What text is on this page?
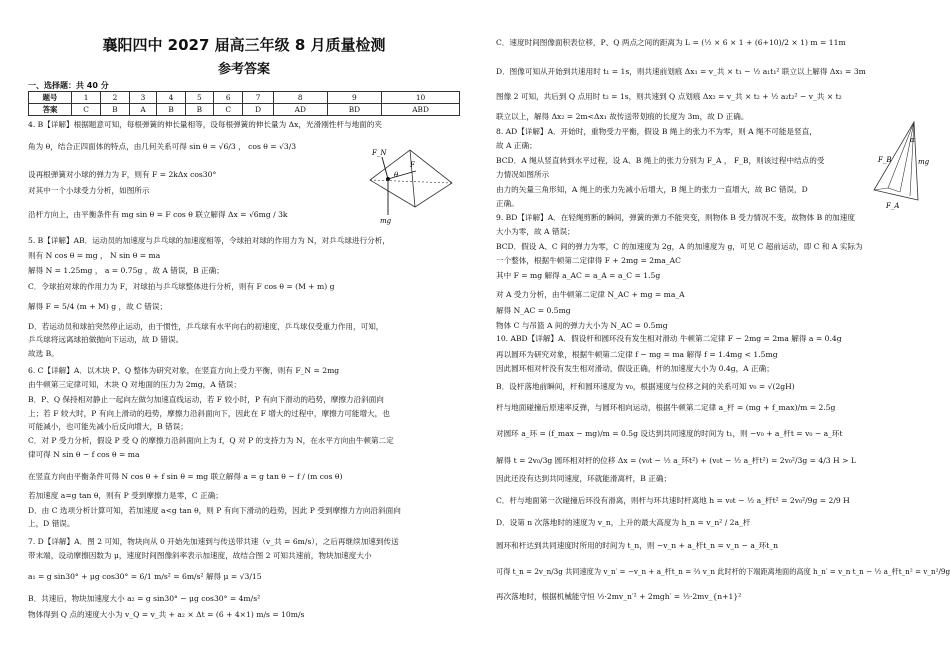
襄阳四中 2027 届高三年级 8 月质量检测
参考答案
一、选择题：共 40 分
题号	1	2	3	4	5	6	7	8	9	10
答案	C	B	A	B	B	C	D	AD	BD	ABD
4. B【详解】根据题意可知，每根弹簧的伸长量相等，设每根弹簧的伸长量为 Δx，光滑刚性杆与地面的夹
角为 θ，结合正四面体的特点，由几何关系可得 sin θ = √6/3 ， cos θ = √3/3
设再根弹簧对小球的弹力为 F，则有 F = 2kΔx cos30°
对其中一个小球受力分析，如图所示
沿杆方向上，由平衡条件有 mg sin θ = F cos θ 联立解得 Δx = √6mg / 3k
5. B【详解】AB．运动员的加速度与乒乓球的加速度相等，令球拍对球的作用力为 N，对乒乓球进行分析，
则有 N cos θ = mg ， N sin θ = ma
解得 N = 1.25mg ， a = 0.75g ，故 A 错误，B 正确；
C．令球拍对球的作用力为 F，对球拍与乒乓球整体进行分析，则有 F cos θ = (M + m) g
解得 F = 5/4 (m + M) g ，故 C 错误；
D．若运动员和球拍突然停止运动，由于惯性，乒乓球有水平向右的初速度，乒乓球仅受重力作用，可知，
乒乓球将远离球拍做抛向下运动，故 D 错误。
故选 B。
6. C【详解】A．以木块 P、Q 整体为研究对象，在竖直方向上受力平衡，则有 F_N = 2mg
由牛顿第三定律可知，木块 Q 对地面的压力为 2mg，A 错误；
B．P、Q 保持相对静止一起向左做匀加速直线运动，若 F 较小时，P 有向下滑动的趋势，摩擦力沿斜面向
上；若 F 较大时，P 有向上滑动的趋势，摩擦力沿斜面向下，因此在 F 增大的过程中，摩擦力可能增大，也
可能减小，也可能先减小后反向增大，B 错误；
C．对 P 受力分析，假设 P 受 Q 的摩擦力沿斜面向上为 f，Q 对 P 的支持力为 N，在水平方向由牛顿第二定
律可得 N sin θ − f cos θ = ma
在竖直方向由平衡条件可得 N cos θ + f sin θ = mg 联立解得 a = g tan θ − f / (m cos θ)
若加速度 a=g tan θ，则有 P 受到摩擦力是零，C 正确；
D．由 C 选项分析计算可知，若加速度 a<g tan θ，则 P 有向下滑动的趋势，因此 P 受到摩擦力方向沿斜面向
上，D 错误。
7. D【详解】A．图 2 可知，物块向从 0 开始先加速到与传送带共速（v_共 = 6m/s），之后再继续加速到传送
带末端，设动摩擦因数为 μ，速度时间图像斜率表示加速度，故结合图 2 可知共速前，物块加速度大小
a₁ = g sin30° + μg cos30° = 6/1 m/s² = 6m/s² 解得 μ = √3/15
B．共速后，物块加速度大小 a₂ = g sin30° − μg cos30° = 4m/s²
物体得到 Q 点的速度大小为 v_Q = v_共 + a₂ × Δt = (6 + 4×1) m/s = 10m/s
F_N
F
θ
mg
C．速度时间图像面积表位移，P、Q 两点之间的距离为 L = (½ × 6 × 1 + (6+10)/2 × 1) m = 11m
D．图像可知从开始到共速用时 t₁ = 1s，则共速前划痕 Δx₁ = v_共 × t₁ − ½ a₁t₁² 联立以上解得 Δx₁ = 3m
图像 2 可知，共后到 Q 点用时 t₂ = 1s，则共速到 Q 点划痕 Δx₂ = v_共 × t₂ + ½ a₂t₂² − v_共 × t₂
联立以上，解得 Δx₂ = 2m<Δx₁ 故传送带划痕的长度为 3m，故 D 正确。
8. AD【详解】A．开始时，重物受力平衡，假设 B 绳上的张力不为零，则 A 绳不可能是竖直，
故 A 正确；
BCD．A 绳从竖直转到水平过程，设 A、B 绳上的张力分别为 F_A ， F_B，则该过程中结点的受
力情况如图所示
由力的矢量三角形知，A 绳上的张力先减小后增大，B 绳上的张力一直增大，故 BC 错误，D
正确。
9. BD【详解】A．在轻绳剪断的瞬间，弹簧的弹力不能突变，则物体 B 受力情况不变，故物体 B 的加速度
大小为零，故 A 错误；
BCD．假设 A、C 间的弹力为零，C 的加速度为 2g，A 的加速度为 g，可见 C 超前运动，即 C 和 A 实际为
一个整体，根据牛顿第二定律得 F + 2mg = 2ma_AC
其中 F = mg 解得 a_AC = a_A = a_C = 1.5g
对 A 受力分析，由牛顿第二定律 N_AC + mg = ma_A
解得 N_AC = 0.5mg
物体 C 与吊篮 A 间的弹力大小为 N_AC = 0.5mg
10. ABD【详解】A．假设杆和圆环没有发生相对滑动 牛顿第二定律 F − 2mg = 2ma 解得 a = 0.4g
再以圆环为研究对象，根据牛顿第二定律 f − mg = ma 解得 f = 1.4mg < 1.5mg
因此圆环相对杆没有发生相对滑动，假设正确，杆的加速度大小为 0.4g，A 正确；
B．设杆落地前瞬间，杆和圆环速度为 v₀，根据速度与位移之间的关系可知 v₀ = √(2gH)
杆与地面碰撞后原速率反弹，与圆环相向运动，根据牛顿第二定律 a_杆 = (mg + f_max)/m = 2.5g
对圆环 a_环 = (f_max − mg)/m = 0.5g 设达到共同速度的时间为 t₁，则 −v₀ + a_杆t = v₀ − a_环t
解得 t = 2v₀/3g 圆环相对杆的位移 Δx = (v₀t − ½ a_环t²) + (v₀t − ½ a_杆t²) = 2v₀²/3g = 4/3 H > L
因此还没有达到共同速度，环就能滑离杆，B 正确；
C．杆与地面第一次碰撞后环没有滑离，则杆与环共速时杆离地 h = v₀t − ½ a_杆t² = 2v₀²/9g = 2/9 H
D．设第 n 次落地时的速度为 v_n，上升的最大高度为 h_n = v_n² / 2a_杆
圆环和杆达到共同速度时所用的时间为 t_n，则 −v_n + a_杆t_n = v_n − a_环t_n
可得 t_n = 2v_n/3g 共同速度为 v_n′ = −v_n + a_杆t_n = ⅔ v_n 此时杆的下端距离地面的高度 h_n′ = v_n t_n − ½ a_杆t_n² = v_n²/9g
再次落地时，根据机械能守恒 ½·2mv_n′² + 2mgh′ = ½·2mv_{n+1}²
F_B
F_A
α
mg
